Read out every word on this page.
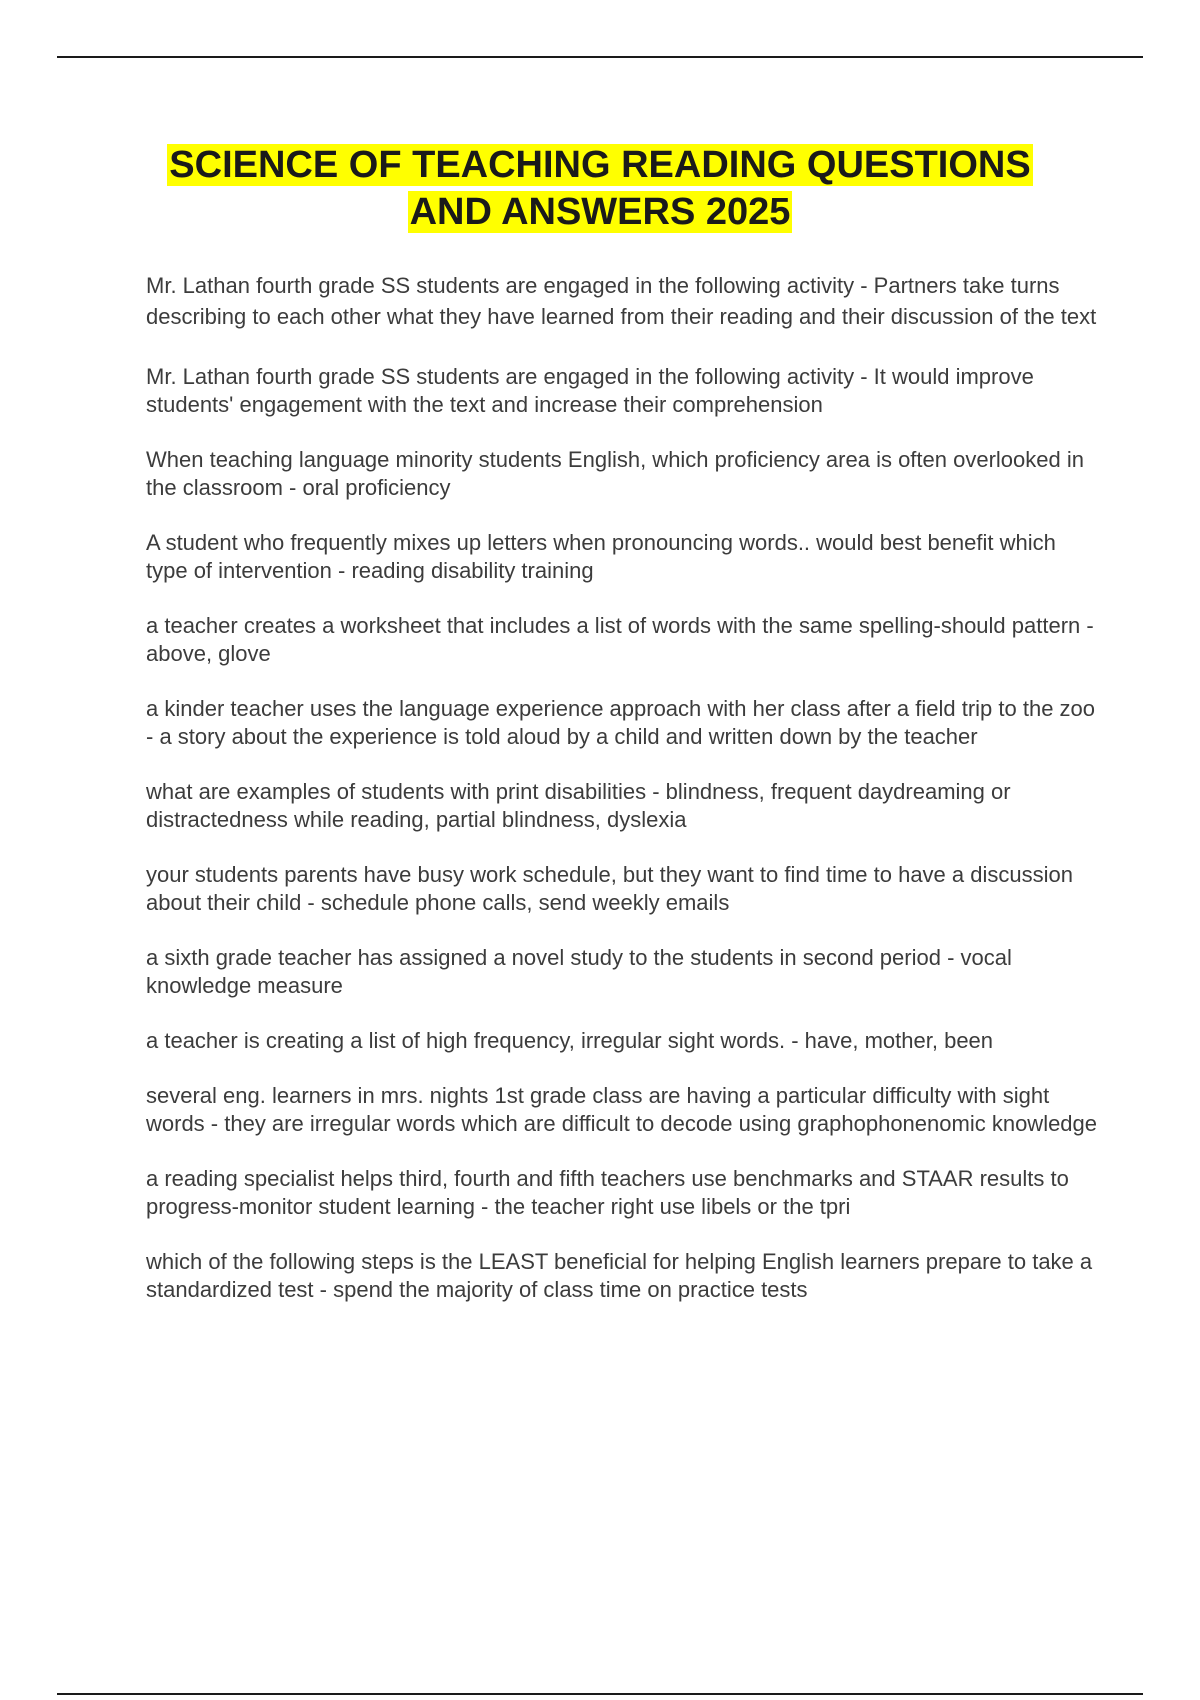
SCIENCE OF TEACHING READING QUESTIONS
AND ANSWERS 2025
Mr. Lathan fourth grade SS students are engaged in the following activity - Partners take turns describing to each other what they have learned from their reading and their discussion of the text
Mr. Lathan fourth grade SS students are engaged in the following activity - It would improve students' engagement with the text and increase their comprehension
When teaching language minority students English, which proficiency area is often overlooked in the classroom - oral proficiency
A student who frequently mixes up letters when pronouncing words.. would best benefit which type of intervention - reading disability training
a teacher creates a worksheet that includes a list of words with the same spelling-should pattern - above, glove
a kinder teacher uses the language experience approach with her class after a field trip to the zoo - a story about the experience is told aloud by a child and written down by the teacher
what are examples of students with print disabilities - blindness, frequent daydreaming or distractedness while reading, partial blindness, dyslexia
your students parents have busy work schedule, but they want to find time to have a discussion about their child - schedule phone calls, send weekly emails
a sixth grade teacher has assigned a novel study to the students in second period - vocal knowledge measure
a teacher is creating a list of high frequency, irregular sight words. - have, mother, been
several eng. learners in mrs. nights 1st grade class are having a particular difficulty with sight words - they are irregular words which are difficult to decode using graphophonenomic knowledge
a reading specialist helps third, fourth and fifth teachers use benchmarks and STAAR results to progress-monitor student learning - the teacher right use libels or the tpri
which of the following steps is the LEAST beneficial for helping English learners prepare to take a standardized test - spend the majority of class time on practice tests
